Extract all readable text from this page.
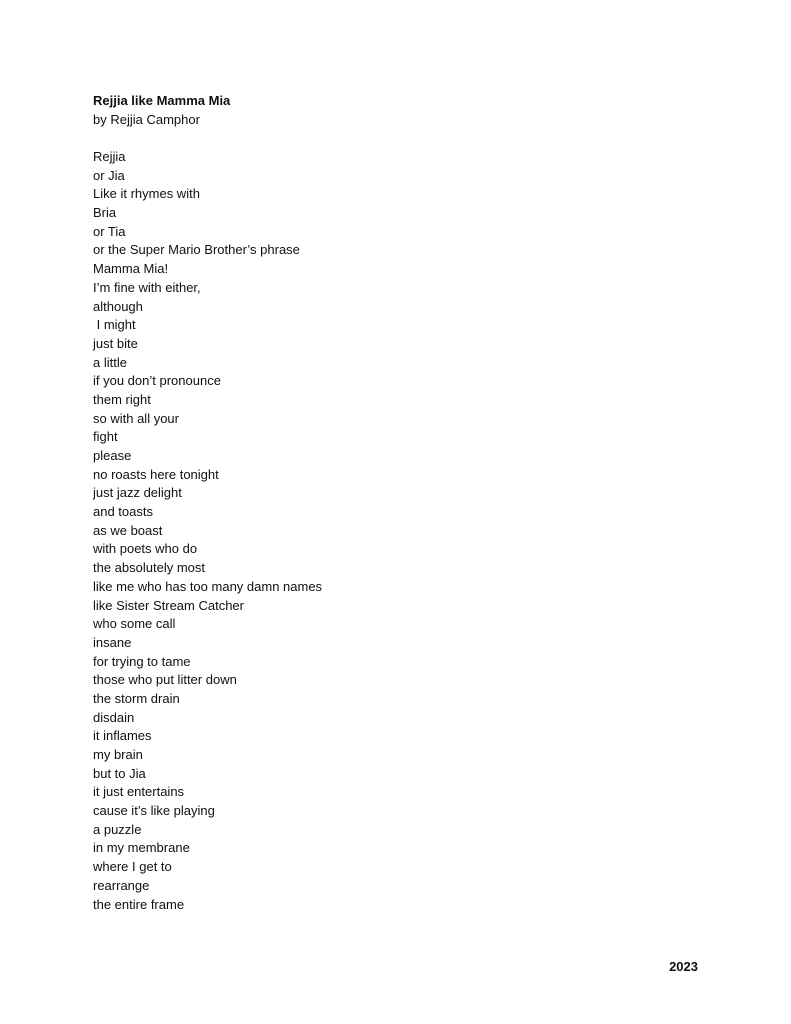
Rejjia like Mamma Mia
by Rejjia Camphor
Rejjia
or Jia
Like it rhymes with
Bria
or Tia
or the Super Mario Brother’s phrase
Mamma Mia!
I’m fine with either,
although
I might
just bite
a little
if you don’t pronounce
them right
so with all your
fight
please
no roasts here tonight
just jazz delight
and toasts
as we boast
with poets who do
the absolutely most
like me who has too many damn names
like Sister Stream Catcher
who some call
insane
for trying to tame
those who put litter down
the storm drain
disdain
it inflames
my brain
but to Jia
it just entertains
cause it’s like playing
a puzzle
in my membrane
where I get to
rearrange
the entire frame
2023
